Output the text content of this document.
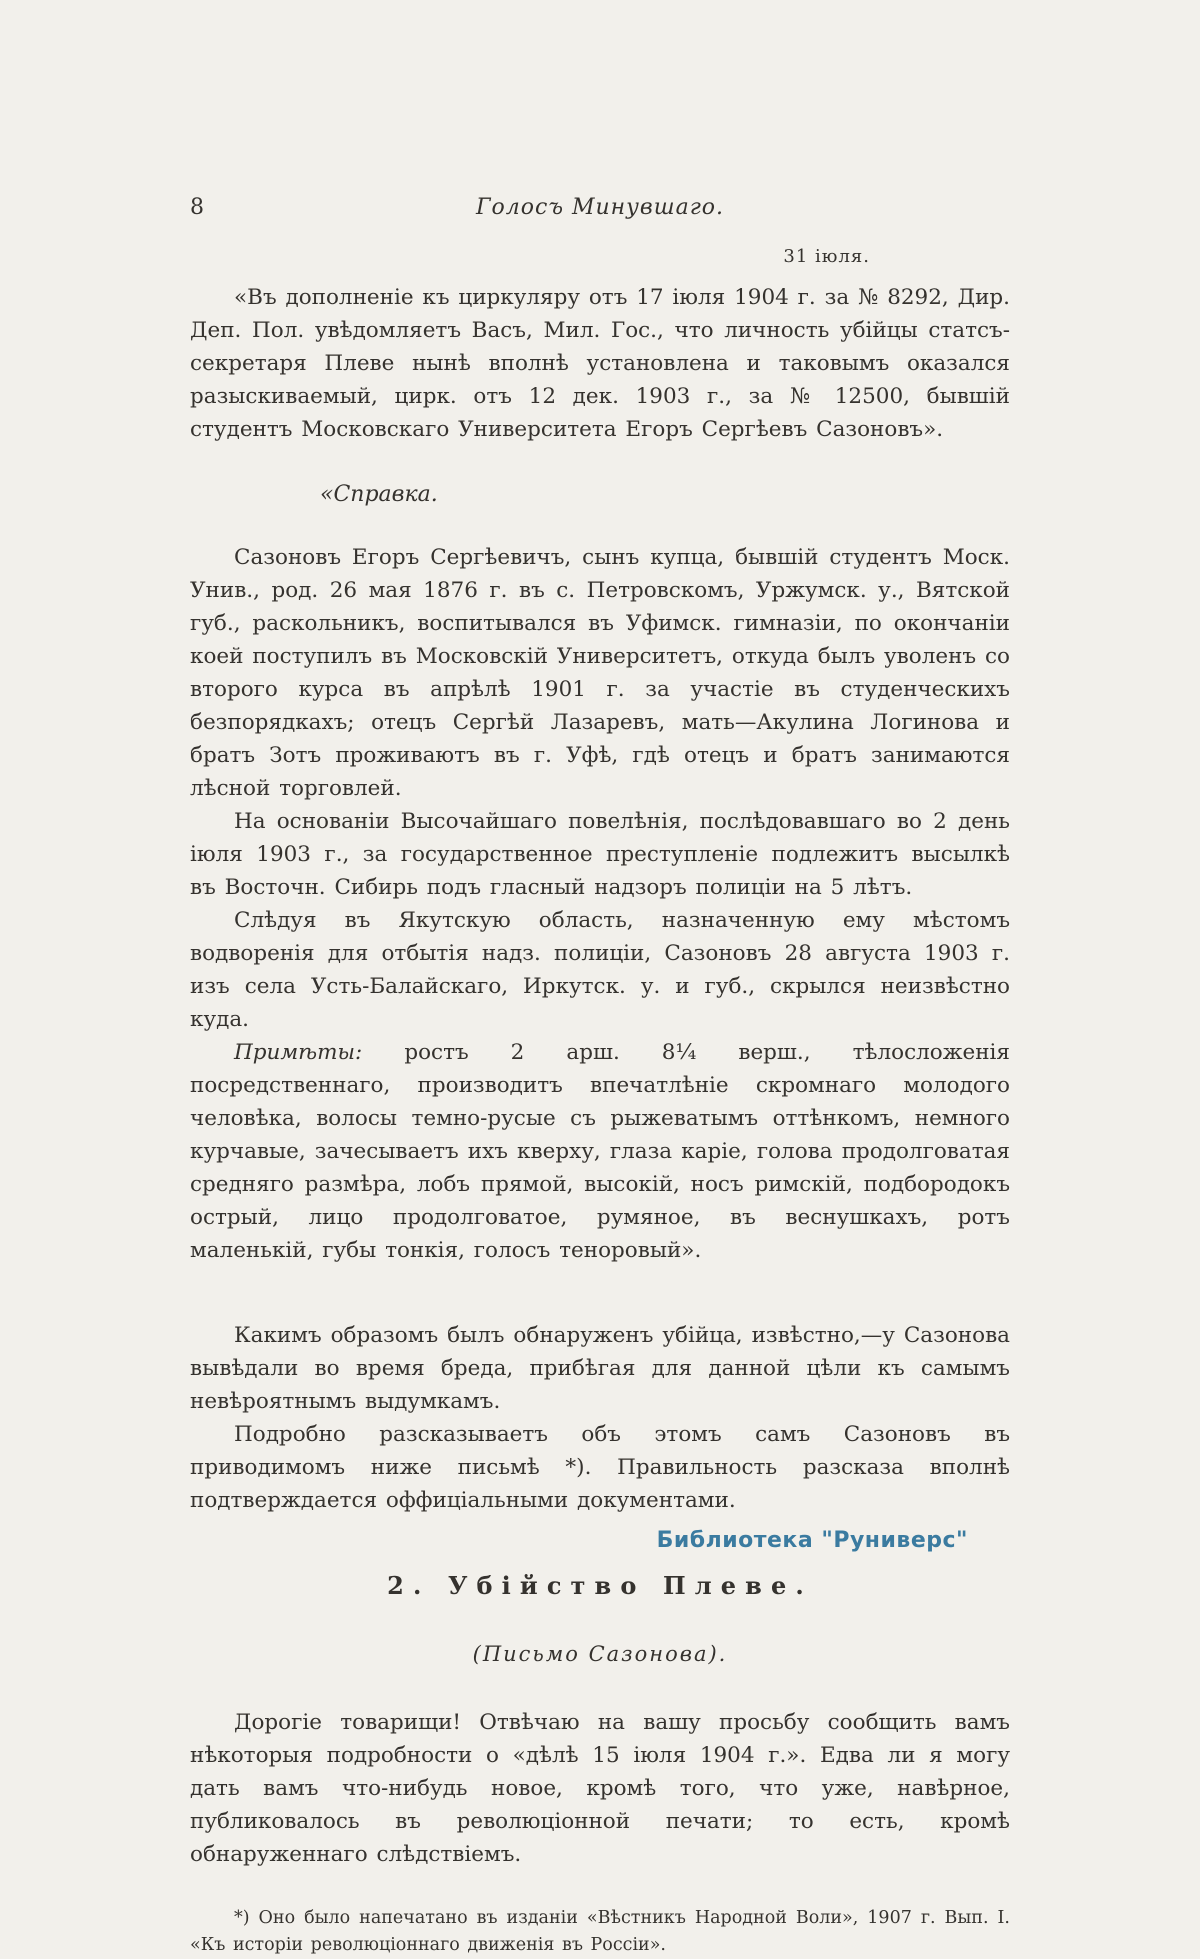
8	Голосъ Минувшаго.
31 іюля.

«Въ дополненіе къ циркуляру отъ 17 іюля 1904 г. за № 8292, Дир. Деп. Пол. увѣдомляетъ Васъ, Мил. Гос., что личность убійцы статсъ-секретаря Плеве нынѣ вполнѣ установлена и таковымъ оказался разыскиваемый, цирк. отъ 12 дек. 1903 г., за № 12500, бывшій студентъ Московскаго Университета Егоръ Сергѣевъ Сазоновъ».

«Справка.

Сазоновъ Егоръ Сергѣевичъ, сынъ купца, бывшій студентъ Моск. Унив., род. 26 мая 1876 г. въ с. Петровскомъ, Уржумск. у., Вятской губ., раскольникъ, воспитывался въ Уфимск. гимназіи, по окончаніи коей поступилъ въ Московскій Университетъ, откуда былъ уволенъ со второго курса въ апрѣлѣ 1901 г. за участіе въ студенческихъ безпорядкахъ; отецъ Сергѣй Лазаревъ, мать—Акулина Логинова и братъ Зотъ проживаютъ въ г. Уфѣ, гдѣ отецъ и братъ занимаются лѣсной торговлей.

На основаніи Высочайшаго повелѣнія, послѣдовавшаго во 2 день іюля 1903 г., за государственное преступленіе подлежитъ высылкѣ въ Восточн. Сибирь подъ гласный надзоръ полиціи на 5 лѣтъ.

Слѣдуя въ Якутскую область, назначенную ему мѣстомъ водворенія для отбытія надз. полиціи, Сазоновъ 28 августа 1903 г. изъ села Усть-Балайскаго, Иркутск. у. и губ., скрылся неизвѣстно куда.

Примѣты: ростъ 2 арш. 8¼ верш., тѣлосложенія посредственнаго, производитъ впечатлѣніе скромнаго молодого человѣка, волосы темно-русые съ рыжеватымъ оттѣнкомъ, немного курчавые, зачесываетъ ихъ кверху, глаза каріе, голова продолговатая средняго размѣра, лобъ прямой, высокій, носъ римскій, подбородокъ острый, лицо продолговатое, румяное, въ веснушкахъ, ротъ маленькій, губы тонкія, голосъ теноровый».

Какимъ образомъ былъ обнаруженъ убійца, извѣстно,—у Сазонова вывѣдали во время бреда, прибѣгая для данной цѣли къ самымъ невѣроятнымъ выдумкамъ.

Подробно разсказываетъ объ этомъ самъ Сазоновъ въ приводимомъ ниже письмѣ *). Правильность разсказа вполнѣ подтверждается оффиціальными документами.

2. Убійство Плеве.

(Письмо Сазонова).

Дорогіе товарищи! Отвѣчаю на вашу просьбу сообщить вамъ нѣкоторыя подробности о «дѣлѣ 15 іюля 1904 г.». Едва ли я могу дать вамъ что-нибудь новое, кромѣ того, что уже, навѣрное, публиковалось въ революціонной печати; то есть, кромѣ обнаруженнаго слѣдствіемъ.

*) Оно было напечатано въ изданіи «Вѣстникъ Народной Воли», 1907 г. Вып. I. «Къ исторіи революціоннаго движенія въ Россіи».
Библиотека "Руниверс"
